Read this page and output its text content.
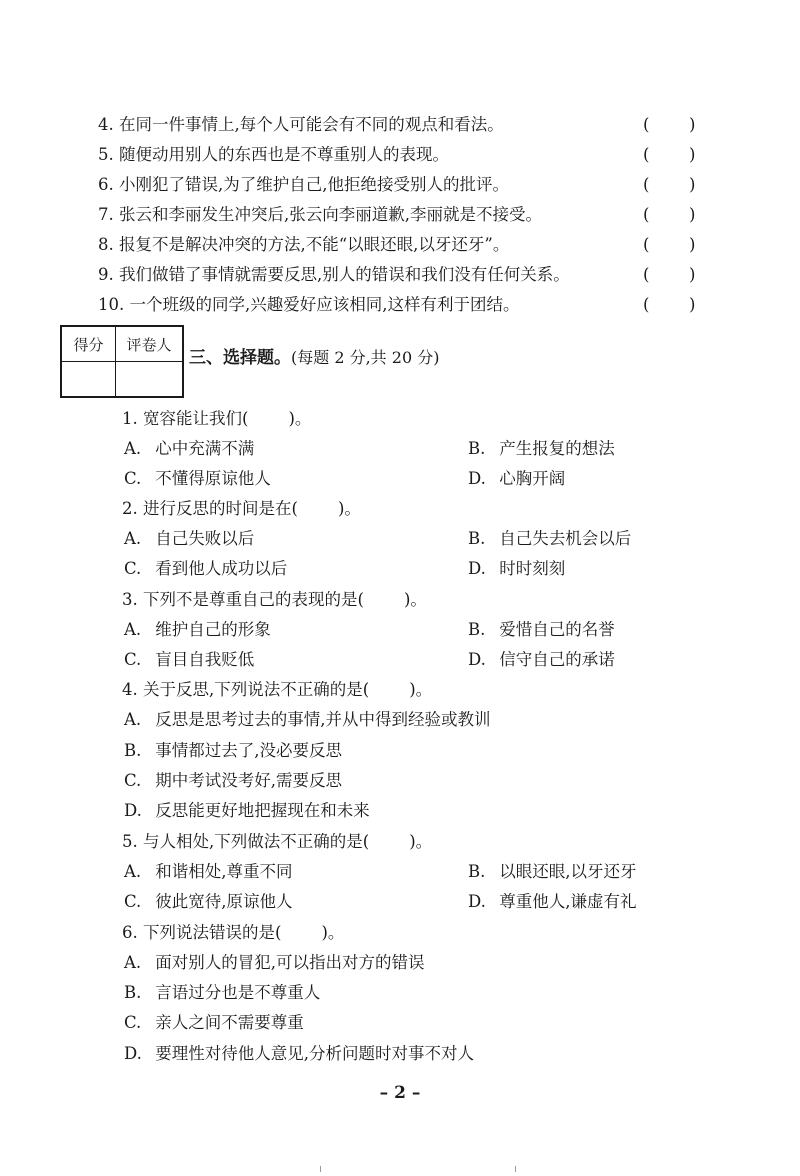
4. 在同一件事情上,每个人可能会有不同的观点和看法。	( )
5. 随便动用别人的东西也是不尊重别人的表现。	( )
6. 小刚犯了错误,为了维护自己,他拒绝接受别人的批评。	( )
7. 张云和李丽发生冲突后,张云向李丽道歉,李丽就是不接受。	( )
8. 报复不是解决冲突的方法,不能“以眼还眼,以牙还牙”。	( )
9. 我们做错了事情就需要反思,别人的错误和我们没有任何关系。	( )
10. 一个班级的同学,兴趣爱好应该相同,这样有利于团结。	( )
得分	评卷人

三、选择题。(每题 2 分,共 20 分)
1. 宽容能让我们( )。
A. 心中充满不满	B. 产生报复的想法
C. 不懂得原谅他人	D. 心胸开阔
2. 进行反思的时间是在( )。
A. 自己失败以后	B. 自己失去机会以后
C. 看到他人成功以后	D. 时时刻刻
3. 下列不是尊重自己的表现的是( )。
A. 维护自己的形象	B. 爱惜自己的名誉
C. 盲目自我贬低	D. 信守自己的承诺
4. 关于反思,下列说法不正确的是( )。
A. 反思是思考过去的事情,并从中得到经验或教训
B. 事情都过去了,没必要反思
C. 期中考试没考好,需要反思
D. 反思能更好地把握现在和未来
5. 与人相处,下列做法不正确的是( )。
A. 和谐相处,尊重不同	B. 以眼还眼,以牙还牙
C. 彼此宽待,原谅他人	D. 尊重他人,谦虚有礼
6. 下列说法错误的是( )。
A. 面对别人的冒犯,可以指出对方的错误
B. 言语过分也是不尊重人
C. 亲人之间不需要尊重
D. 要理性对待他人意见,分析问题时对事不对人
– 2 –
